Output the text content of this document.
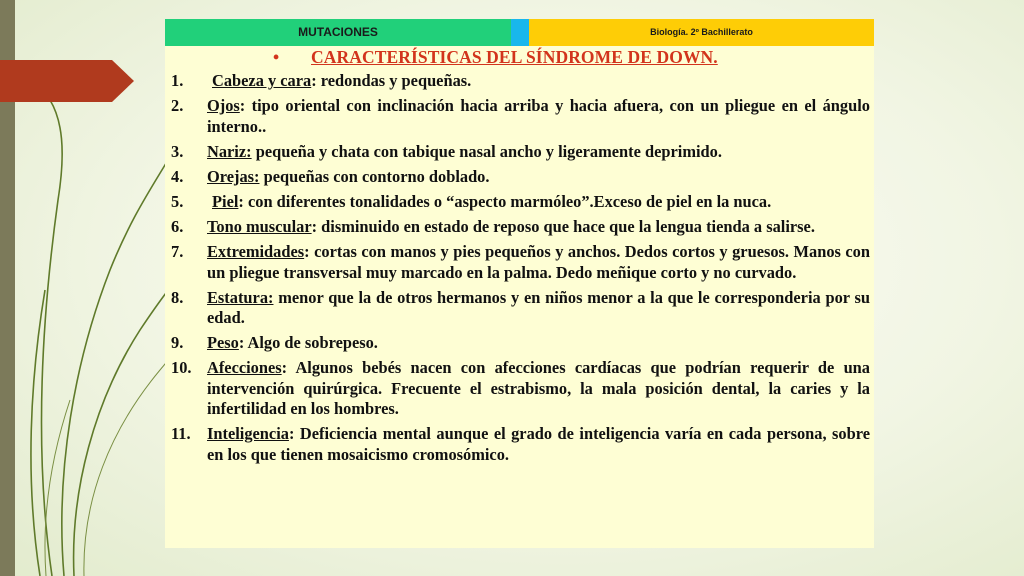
MUTACIONES	Biología. 2º Bachillerato
• CARACTERÍSTICAS DEL SÍNDROME DE DOWN.
1.	Cabeza y cara: redondas y pequeñas.
2.	Ojos: tipo oriental con inclinación hacia arriba y hacia afuera, con un pliegue en el ángulo interno..
3.	Nariz: pequeña y chata con tabique nasal ancho y ligeramente deprimido.
4.	Orejas: pequeñas con contorno doblado.
5.	Piel: con diferentes tonalidades o “aspecto marmóleo”.Exceso de piel en la nuca.
6.	Tono muscular: disminuido en estado de reposo que hace que la lengua tienda a salirse.
7.	Extremidades: cortas con manos y pies pequeños y anchos. Dedos cortos y gruesos. Manos con un pliegue transversal muy marcado en la palma. Dedo meñique corto y no curvado.
8.	Estatura: menor que la de otros hermanos y en niños menor a la que le corresponderia por su edad.
9.	Peso: Algo de sobrepeso.
10. Afecciones: Algunos bebés nacen con afecciones cardíacas que podrían requerir de una intervención quirúrgica. Frecuente el estrabismo, la mala posición dental, la caries y la infertilidad en los hombres.
11.	Inteligencia: Deficiencia mental aunque el grado de inteligencia varía en cada persona, sobre en los que tienen mosaicismo cromosómico.
